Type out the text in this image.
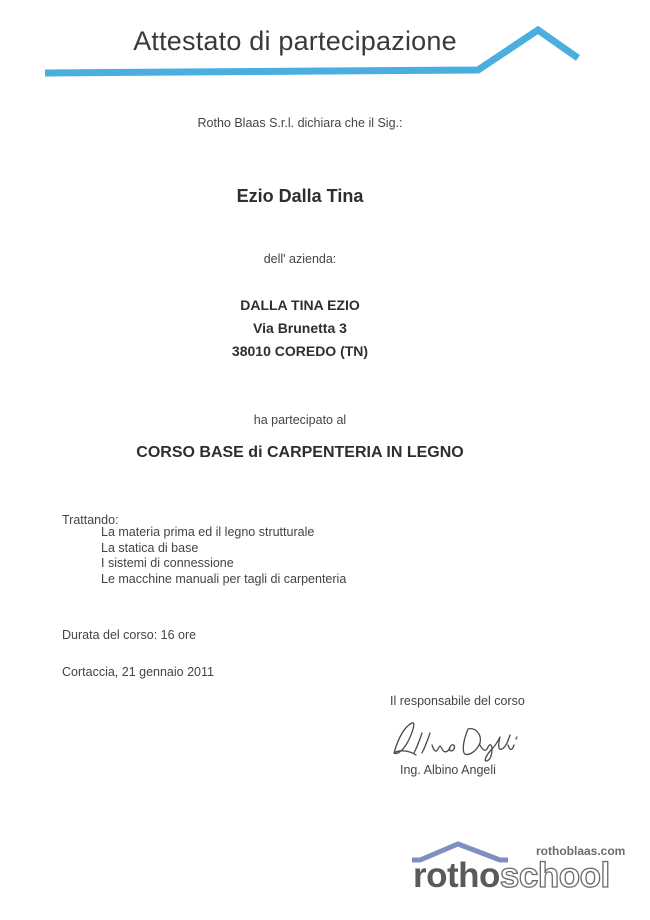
Attestato di partecipazione
Rotho Blaas S.r.l. dichiara che il Sig.:
Ezio Dalla Tina
dell' azienda:
DALLA TINA EZIO
Via Brunetta 3
38010 COREDO (TN)
ha partecipato al
CORSO BASE di CARPENTERIA IN LEGNO
Trattando:
La materia prima ed il legno strutturale
La statica di base
I sistemi di connessione
Le macchine manuali per tagli di carpenteria
Durata del corso: 16 ore
Cortaccia, 21 gennaio 2011
Il responsabile del corso
Ing. Albino Angeli
rothoblaas.com
rothoschool
